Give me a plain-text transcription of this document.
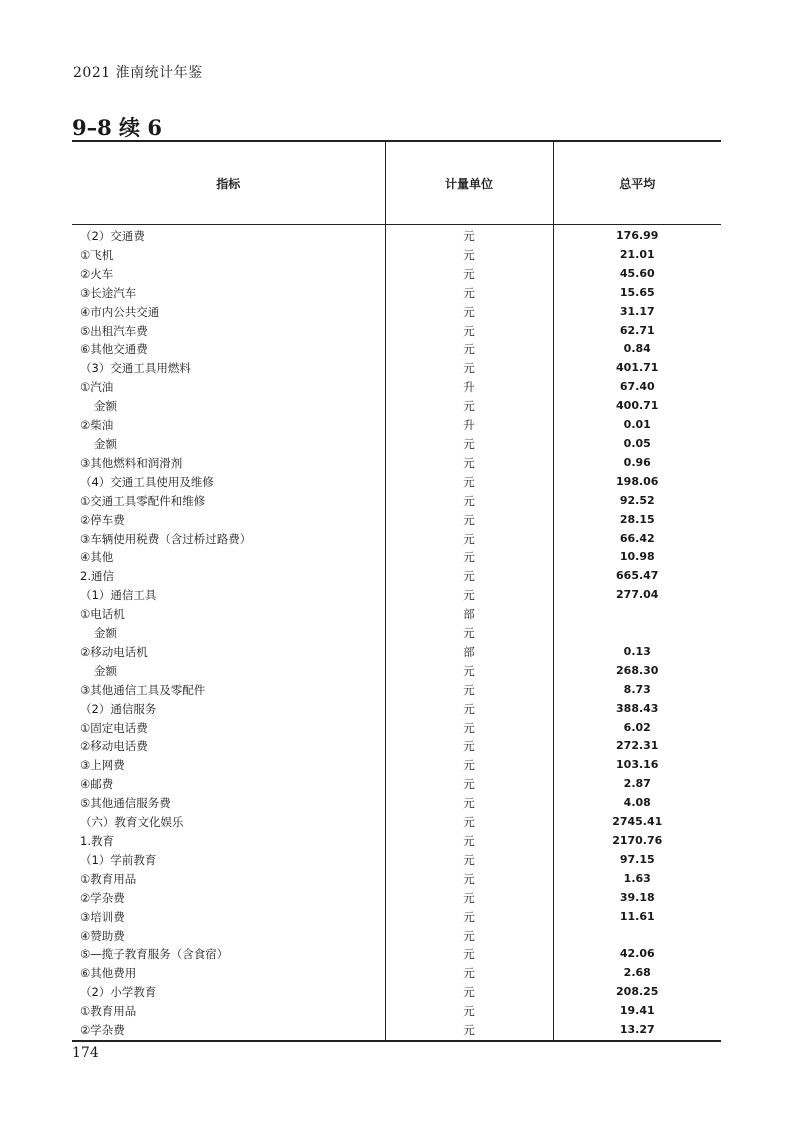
2021 淮南统计年鉴
9–8 续 6
指标	计量单位	总平均
（2）交通费	元	176.99
①飞机	元	21.01
②火车	元	45.60
③长途汽车	元	15.65
④市内公共交通	元	31.17
⑤出租汽车费	元	62.71
⑥其他交通费	元	0.84
（3）交通工具用燃料	元	401.71
①汽油	升	67.40
金额	元	400.71
②柴油	升	0.01
金额	元	0.05
③其他燃料和润滑剂	元	0.96
（4）交通工具使用及维修	元	198.06
①交通工具零配件和维修	元	92.52
②停车费	元	28.15
③车辆使用税费（含过桥过路费）	元	66.42
④其他	元	10.98
2.通信	元	665.47
（1）通信工具	元	277.04
①电话机	部	
金额	元	
②移动电话机	部	0.13
金额	元	268.30
③其他通信工具及零配件	元	8.73
（2）通信服务	元	388.43
①固定电话费	元	6.02
②移动电话费	元	272.31
③上网费	元	103.16
④邮费	元	2.87
⑤其他通信服务费	元	4.08
（六）教育文化娱乐	元	2745.41
1.教育	元	2170.76
（1）学前教育	元	97.15
①教育用品	元	1.63
②学杂费	元	39.18
③培训费	元	11.61
④赞助费	元	
⑤—揽子教育服务（含食宿）	元	42.06
⑥其他费用	元	2.68
（2）小学教育	元	208.25
①教育用品	元	19.41
②学杂费	元	13.27
174
